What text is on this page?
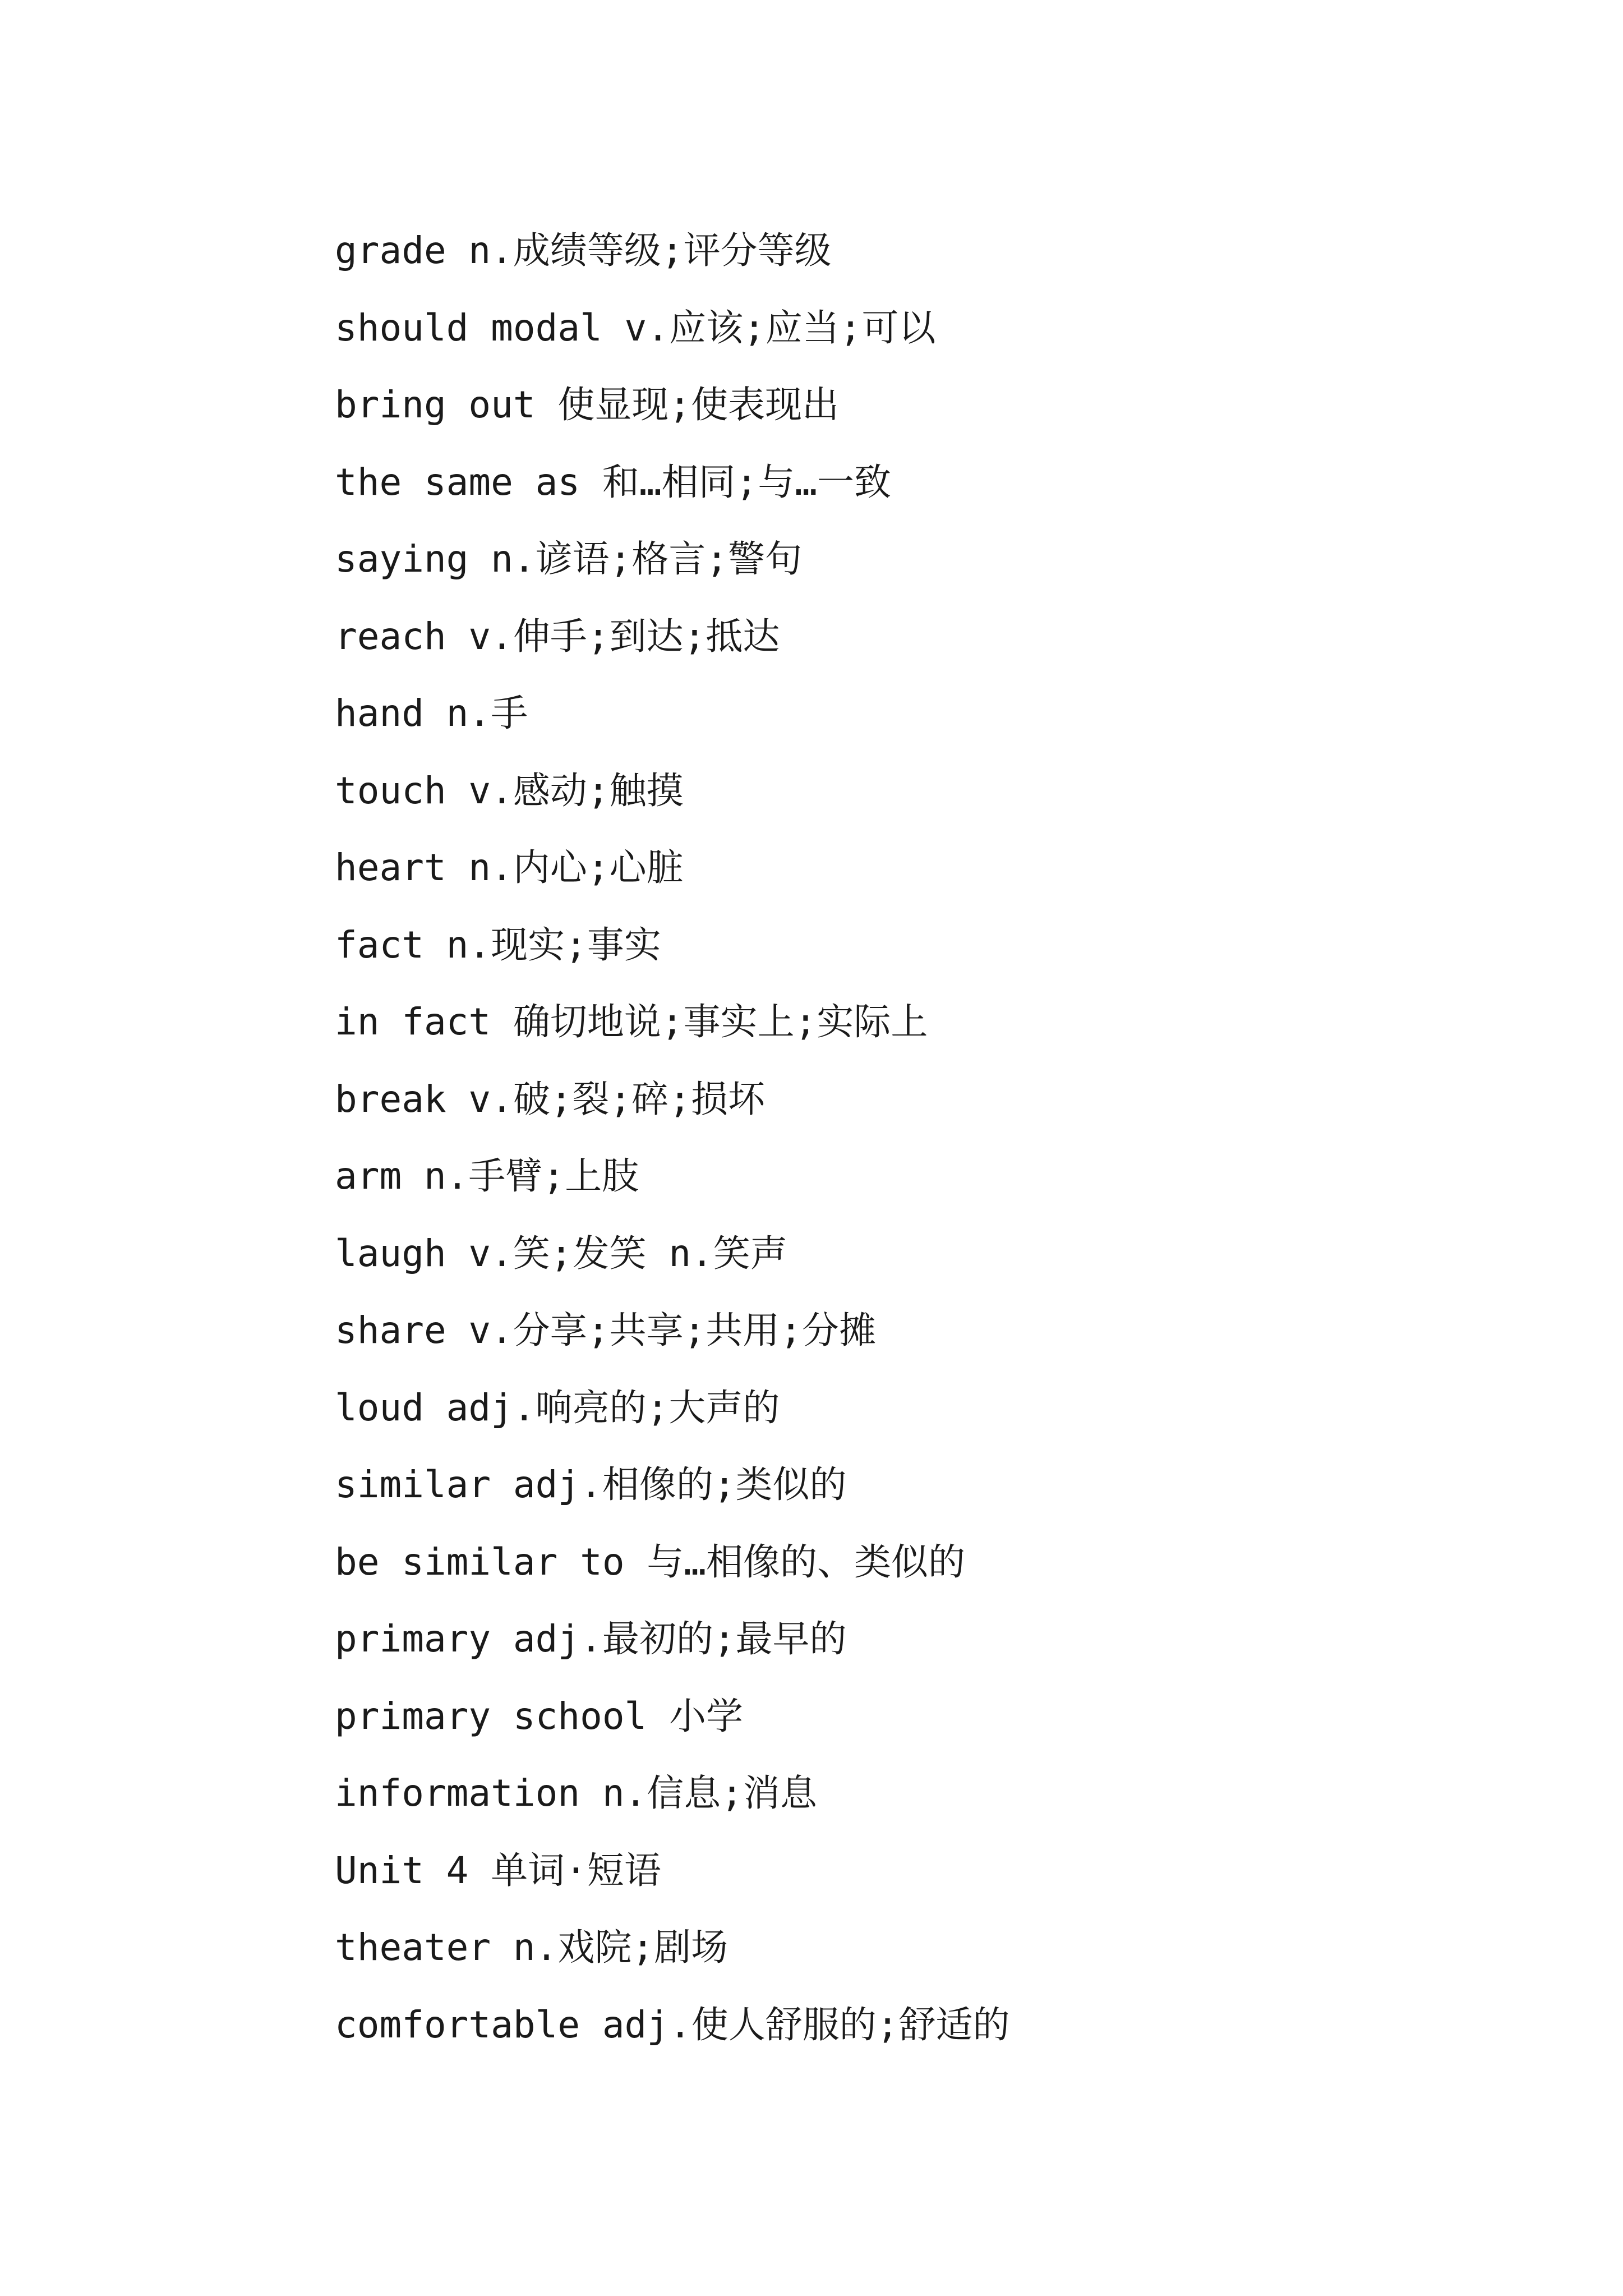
grade n.成绩等级;评分等级
should modal v.应该;应当;可以
bring out 使显现;使表现出
the same as 和…相同;与…一致
saying n.谚语;格言;警句
reach v.伸手;到达;抵达
hand n.手
touch v.感动;触摸
heart n.内心;心脏
fact n.现实;事实
in fact 确切地说;事实上;实际上
break v.破;裂;碎;损坏
arm n.手臂;上肢
laugh v.笑;发笑 n.笑声
share v.分享;共享;共用;分摊
loud adj.响亮的;大声的
similar adj.相像的;类似的
be similar to 与…相像的、类似的
primary adj.最初的;最早的
primary school 小学
information n.信息;消息
Unit 4 单词·短语
theater n.戏院;剧场
comfortable adj.使人舒服的;舒适的
